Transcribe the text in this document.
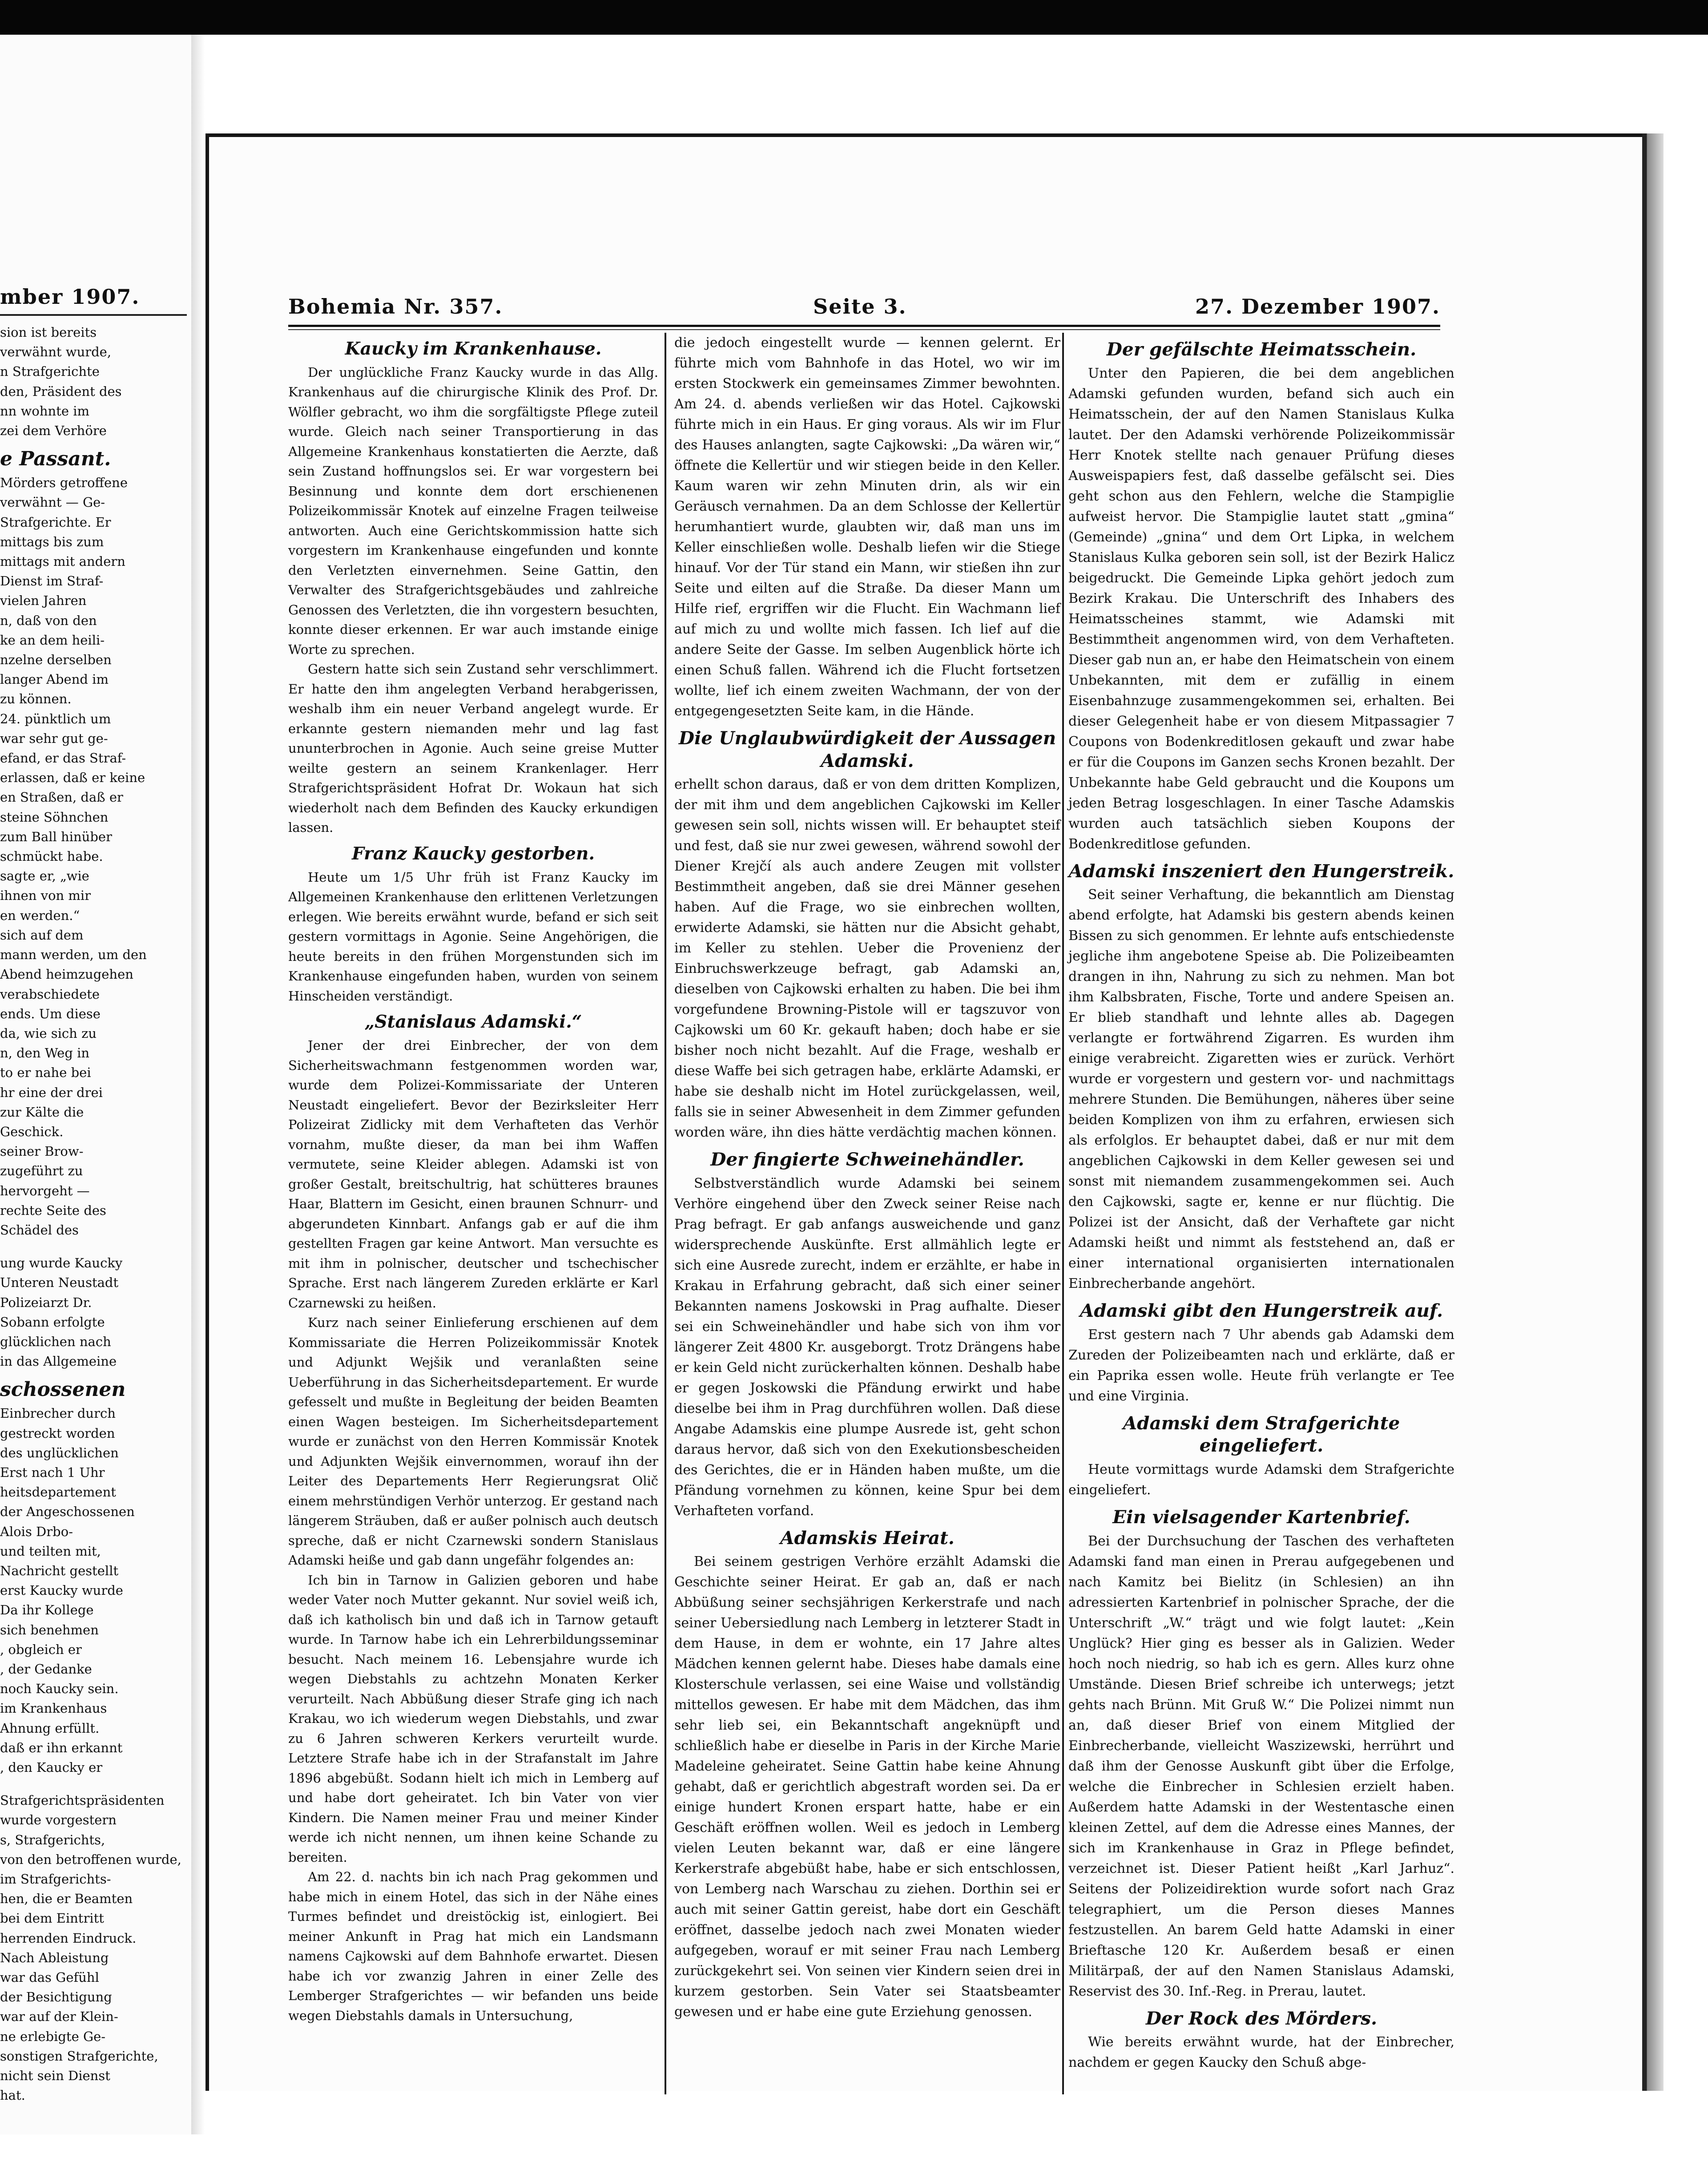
mber 1907.

sion ist bereits
verwähnt wurde,
n Strafgerichte
den, Präsident des
nn wohnte im
zei dem Verhöre

e Passant.

Mörders getroffene
verwähnt — Ge-
Strafgerichte. Er
mittags bis zum
mittags mit andern
Dienst im Straf-
vielen Jahren
n, daß von den
ke an dem heili-
nzelne derselben
langer Abend im
zu können.
24. pünktlich um
war sehr gut ge-
efand, er das Straf-
erlassen, daß er keine
en Straßen, daß er
steine Söhnchen
zum Ball hinüber
schmückt habe.
sagte er, „wie
ihnen von mir
en werden.“
sich auf dem
mann werden, um den
Abend heimzugehen
verabschiedete
ends. Um diese
da, wie sich zu
n, den Weg in
to er nahe bei
hr eine der drei
zur Kälte die
Geschick.
seiner Brow-
zugeführt zu
hervorgeht —
rechte Seite des
Schädel des

ung wurde Kaucky
Unteren Neustadt
Polizeiarzt Dr.
Sobann erfolgte
glücklichen nach
in das Allgemeine

schossenen

Einbrecher durch
gestreckt worden
des unglücklichen
Erst nach 1 Uhr
heitsdepartement
der Angeschossenen
Alois Drbo-
und teilten mit,
Nachricht gestellt
erst Kaucky wurde
Da ihr Kollege
sich benehmen
, obgleich er
, der Gedanke
noch Kaucky sein.
im Krankenhaus
Ahnung erfüllt.
daß er ihn erkannt
, den Kaucky er

Strafgerichtspräsidenten
wurde vorgestern
s, Strafgerichts,
von den betroffenen wurde,
im Strafgerichts-
hen, die er Beamten
bei dem Eintritt
herrenden Eindruck.
Nach Ableistung
war das Gefühl
der Besichtigung
war auf der Klein-
ne erlebigte Ge-
sonstigen Strafgerichte,
nicht sein Dienst
hat.

Bohemia Nr. 357.	Seite 3.	27. Dezember 1907.
Kaucky im Krankenhause.

Der unglückliche Franz Kaucky wurde in das Allg. Krankenhaus auf die chirurgische Klinik des Prof. Dr. Wölfler gebracht, wo ihm die sorgfältigste Pflege zuteil wurde. Gleich nach seiner Transportierung in das Allgemeine Krankenhaus konstatierten die Aerzte, daß sein Zustand hoffnungslos sei. Er war vorgestern bei Besinnung und konnte dem dort erschienenen Polizeikommissär Knotek auf einzelne Fragen teilweise antworten. Auch eine Gerichtskommission hatte sich vorgestern im Krankenhause eingefunden und konnte den Verletzten einvernehmen. Seine Gattin, den Verwalter des Strafgerichtsgebäudes und zahlreiche Genossen des Verletzten, die ihn vorgestern besuchten, konnte dieser erkennen. Er war auch imstande einige Worte zu sprechen.

Gestern hatte sich sein Zustand sehr verschlimmert. Er hatte den ihm angelegten Verband herabgerissen, weshalb ihm ein neuer Verband angelegt wurde. Er erkannte gestern niemanden mehr und lag fast ununterbrochen in Agonie. Auch seine greise Mutter weilte gestern an seinem Krankenlager. Herr Strafgerichtspräsident Hofrat Dr. Wokaun hat sich wiederholt nach dem Befinden des Kaucky erkundigen lassen.

Franz Kaucky gestorben.

Heute um 1/5 Uhr früh ist Franz Kaucky im Allgemeinen Krankenhause den erlittenen Verletzungen erlegen. Wie bereits erwähnt wurde, befand er sich seit gestern vormittags in Agonie. Seine Angehörigen, die heute bereits in den frühen Morgenstunden sich im Krankenhause eingefunden haben, wurden von seinem Hinscheiden verständigt.

„Stanislaus Adamski.“

Jener der drei Einbrecher, der von dem Sicherheitswachmann festgenommen worden war, wurde dem Polizei-Kommissariate der Unteren Neustadt eingeliefert. Bevor der Bezirksleiter Herr Polizeirat Zidlicky mit dem Verhafteten das Verhör vornahm, mußte dieser, da man bei ihm Waffen vermutete, seine Kleider ablegen. Adamski ist von großer Gestalt, breitschultrig, hat schütteres braunes Haar, Blattern im Gesicht, einen braunen Schnurr- und abgerundeten Kinnbart. Anfangs gab er auf die ihm gestellten Fragen gar keine Antwort. Man versuchte es mit ihm in polnischer, deutscher und tschechischer Sprache. Erst nach längerem Zureden erklärte er Karl Czarnewski zu heißen.

Kurz nach seiner Einlieferung erschienen auf dem Kommissariate die Herren Polizeikommissär Knotek und Adjunkt Wejšik und veranlaßten seine Ueberführung in das Sicherheitsdepartement. Er wurde gefesselt und mußte in Begleitung der beiden Beamten einen Wagen besteigen. Im Sicherheitsdepartement wurde er zunächst von den Herren Kommissär Knotek und Adjunkten Wejšik einvernommen, worauf ihn der Leiter des Departements Herr Regierungsrat Olič einem mehrstündigen Verhör unterzog. Er gestand nach längerem Sträuben, daß er außer polnisch auch deutsch spreche, daß er nicht Czarnewski sondern Stanislaus Adamski heiße und gab dann ungefähr folgendes an:

Ich bin in Tarnow in Galizien geboren und habe weder Vater noch Mutter gekannt. Nur soviel weiß ich, daß ich katholisch bin und daß ich in Tarnow getauft wurde. In Tarnow habe ich ein Lehrerbildungsseminar besucht. Nach meinem 16. Lebensjahre wurde ich wegen Diebstahls zu achtzehn Monaten Kerker verurteilt. Nach Abbüßung dieser Strafe ging ich nach Krakau, wo ich wiederum wegen Diebstahls, und zwar zu 6 Jahren schweren Kerkers verurteilt wurde. Letztere Strafe habe ich in der Strafanstalt im Jahre 1896 abgebüßt. Sodann hielt ich mich in Lemberg auf und habe dort geheiratet. Ich bin Vater von vier Kindern. Die Namen meiner Frau und meiner Kinder werde ich nicht nennen, um ihnen keine Schande zu bereiten.

Am 22. d. nachts bin ich nach Prag gekommen und habe mich in einem Hotel, das sich in der Nähe eines Turmes befindet und dreistöckig ist, einlogiert. Bei meiner Ankunft in Prag hat mich ein Landsmann namens Cajkowski auf dem Bahnhofe erwartet. Diesen habe ich vor zwanzig Jahren in einer Zelle des Lemberger Strafgerichtes — wir befanden uns beide wegen Diebstahls damals in Untersuchung,

die jedoch eingestellt wurde — kennen gelernt. Er führte mich vom Bahnhofe in das Hotel, wo wir im ersten Stockwerk ein gemeinsames Zimmer bewohnten. Am 24. d. abends verließen wir das Hotel. Cajkowski führte mich in ein Haus. Er ging voraus. Als wir im Flur des Hauses anlangten, sagte Cajkowski: „Da wären wir,“ öffnete die Kellertür und wir stiegen beide in den Keller. Kaum waren wir zehn Minuten drin, als wir ein Geräusch vernahmen. Da an dem Schlosse der Kellertür herumhantiert wurde, glaubten wir, daß man uns im Keller einschließen wolle. Deshalb liefen wir die Stiege hinauf. Vor der Tür stand ein Mann, wir stießen ihn zur Seite und eilten auf die Straße. Da dieser Mann um Hilfe rief, ergriffen wir die Flucht. Ein Wachmann lief auf mich zu und wollte mich fassen. Ich lief auf die andere Seite der Gasse. Im selben Augenblick hörte ich einen Schuß fallen. Während ich die Flucht fortsetzen wollte, lief ich einem zweiten Wachmann, der von der entgegengesetzten Seite kam, in die Hände.

Die Unglaubwürdigkeit der Aussagen Adamski.

erhellt schon daraus, daß er von dem dritten Komplizen, der mit ihm und dem angeblichen Cajkowski im Keller gewesen sein soll, nichts wissen will. Er behauptet steif und fest, daß sie nur zwei gewesen, während sowohl der Diener Krejčí als auch andere Zeugen mit vollster Bestimmtheit angeben, daß sie drei Männer gesehen haben. Auf die Frage, wo sie einbrechen wollten, erwiderte Adamski, sie hätten nur die Absicht gehabt, im Keller zu stehlen. Ueber die Provenienz der Einbruchswerkzeuge befragt, gab Adamski an, dieselben von Cajkowski erhalten zu haben. Die bei ihm vorgefundene Browning-Pistole will er tagszuvor von Cajkowski um 60 Kr. gekauft haben; doch habe er sie bisher noch nicht bezahlt. Auf die Frage, weshalb er diese Waffe bei sich getragen habe, erklärte Adamski, er habe sie deshalb nicht im Hotel zurückgelassen, weil, falls sie in seiner Abwesenheit in dem Zimmer gefunden worden wäre, ihn dies hätte verdächtig machen können.

Der fingierte Schweinehändler.

Selbstverständlich wurde Adamski bei seinem Verhöre eingehend über den Zweck seiner Reise nach Prag befragt. Er gab anfangs ausweichende und ganz widersprechende Auskünfte. Erst allmählich legte er sich eine Ausrede zurecht, indem er erzählte, er habe in Krakau in Erfahrung gebracht, daß sich einer seiner Bekannten namens Joskowski in Prag aufhalte. Dieser sei ein Schweinehändler und habe sich von ihm vor längerer Zeit 4800 Kr. ausgeborgt. Trotz Drängens habe er kein Geld nicht zurückerhalten können. Deshalb habe er gegen Joskowski die Pfändung erwirkt und habe dieselbe bei ihm in Prag durchführen wollen. Daß diese Angabe Adamskis eine plumpe Ausrede ist, geht schon daraus hervor, daß sich von den Exekutionsbescheiden des Gerichtes, die er in Händen haben mußte, um die Pfändung vornehmen zu können, keine Spur bei dem Verhafteten vorfand.

Adamskis Heirat.

Bei seinem gestrigen Verhöre erzählt Adamski die Geschichte seiner Heirat. Er gab an, daß er nach Abbüßung seiner sechsjährigen Kerkerstrafe und nach seiner Uebersiedlung nach Lemberg in letzterer Stadt in dem Hause, in dem er wohnte, ein 17 Jahre altes Mädchen kennen gelernt habe. Dieses habe damals eine Klosterschule verlassen, sei eine Waise und vollständig mittellos gewesen. Er habe mit dem Mädchen, das ihm sehr lieb sei, ein Bekanntschaft angeknüpft und schließlich habe er dieselbe in Paris in der Kirche Marie Madeleine geheiratet. Seine Gattin habe keine Ahnung gehabt, daß er gerichtlich abgestraft worden sei. Da er einige hundert Kronen erspart hatte, habe er ein Geschäft eröffnen wollen. Weil es jedoch in Lemberg vielen Leuten bekannt war, daß er eine längere Kerkerstrafe abgebüßt habe, habe er sich entschlossen, von Lemberg nach Warschau zu ziehen. Dorthin sei er auch mit seiner Gattin gereist, habe dort ein Geschäft eröffnet, dasselbe jedoch nach zwei Monaten wieder aufgegeben, worauf er mit seiner Frau nach Lemberg zurückgekehrt sei. Von seinen vier Kindern seien drei in kurzem gestorben. Sein Vater sei Staatsbeamter gewesen und er habe eine gute Erziehung genossen.

Der gefälschte Heimatsschein.

Unter den Papieren, die bei dem angeblichen Adamski gefunden wurden, befand sich auch ein Heimatsschein, der auf den Namen Stanislaus Kulka lautet. Der den Adamski verhörende Polizeikommissär Herr Knotek stellte nach genauer Prüfung dieses Ausweispapiers fest, daß dasselbe gefälscht sei. Dies geht schon aus den Fehlern, welche die Stampiglie aufweist hervor. Die Stampiglie lautet statt „gmina“ (Gemeinde) „gnina“ und dem Ort Lipka, in welchem Stanislaus Kulka geboren sein soll, ist der Bezirk Halicz beigedruckt. Die Gemeinde Lipka gehört jedoch zum Bezirk Krakau. Die Unterschrift des Inhabers des Heimatsscheines stammt, wie Adamski mit Bestimmtheit angenommen wird, von dem Verhafteten. Dieser gab nun an, er habe den Heimatschein von einem Unbekannten, mit dem er zufällig in einem Eisenbahnzuge zusammengekommen sei, erhalten. Bei dieser Gelegenheit habe er von diesem Mitpassagier 7 Coupons von Bodenkreditlosen gekauft und zwar habe er für die Coupons im Ganzen sechs Kronen bezahlt. Der Unbekannte habe Geld gebraucht und die Koupons um jeden Betrag losgeschlagen. In einer Tasche Adamskis wurden auch tatsächlich sieben Koupons der Bodenkreditlose gefunden.

Adamski inszeniert den Hungerstreik.

Seit seiner Verhaftung, die bekanntlich am Dienstag abend erfolgte, hat Adamski bis gestern abends keinen Bissen zu sich genommen. Er lehnte aufs entschiedenste jegliche ihm angebotene Speise ab. Die Polizeibeamten drangen in ihn, Nahrung zu sich zu nehmen. Man bot ihm Kalbsbraten, Fische, Torte und andere Speisen an. Er blieb standhaft und lehnte alles ab. Dagegen verlangte er fortwährend Zigarren. Es wurden ihm einige verabreicht. Zigaretten wies er zurück. Verhört wurde er vorgestern und gestern vor- und nachmittags mehrere Stunden. Die Bemühungen, näheres über seine beiden Komplizen von ihm zu erfahren, erwiesen sich als erfolglos. Er behauptet dabei, daß er nur mit dem angeblichen Cajkowski in dem Keller gewesen sei und sonst mit niemandem zusammengekommen sei. Auch den Cajkowski, sagte er, kenne er nur flüchtig. Die Polizei ist der Ansicht, daß der Verhaftete gar nicht Adamski heißt und nimmt als feststehend an, daß er einer international organisierten internationalen Einbrecherbande angehört.

Adamski gibt den Hungerstreik auf.

Erst gestern nach 7 Uhr abends gab Adamski dem Zureden der Polizeibeamten nach und erklärte, daß er ein Paprika essen wolle. Heute früh verlangte er Tee und eine Virginia.

Adamski dem Strafgerichte eingeliefert.

Heute vormittags wurde Adamski dem Strafgerichte eingeliefert.

Ein vielsagender Kartenbrief.

Bei der Durchsuchung der Taschen des verhafteten Adamski fand man einen in Prerau aufgegebenen und nach Kamitz bei Bielitz (in Schlesien) an ihn adressierten Kartenbrief in polnischer Sprache, der die Unterschrift „W.“ trägt und wie folgt lautet: „Kein Unglück? Hier ging es besser als in Galizien. Weder hoch noch niedrig, so hab ich es gern. Alles kurz ohne Umstände. Diesen Brief schreibe ich unterwegs; jetzt gehts nach Brünn. Mit Gruß W.“ Die Polizei nimmt nun an, daß dieser Brief von einem Mitglied der Einbrecherbande, vielleicht Waszizewski, herrührt und daß ihm der Genosse Auskunft gibt über die Erfolge, welche die Einbrecher in Schlesien erzielt haben. Außerdem hatte Adamski in der Westentasche einen kleinen Zettel, auf dem die Adresse eines Mannes, der sich im Krankenhause in Graz in Pflege befindet, verzeichnet ist. Dieser Patient heißt „Karl Jarhuz“. Seitens der Polizeidirektion wurde sofort nach Graz telegraphiert, um die Person dieses Mannes festzustellen. An barem Geld hatte Adamski in einer Brieftasche 120 Kr. Außerdem besaß er einen Militärpaß, der auf den Namen Stanislaus Adamski, Reservist des 30. Inf.-Reg. in Prerau, lautet.

Der Rock des Mörders.

Wie bereits erwähnt wurde, hat der Einbrecher, nachdem er gegen Kaucky den Schuß abge-
